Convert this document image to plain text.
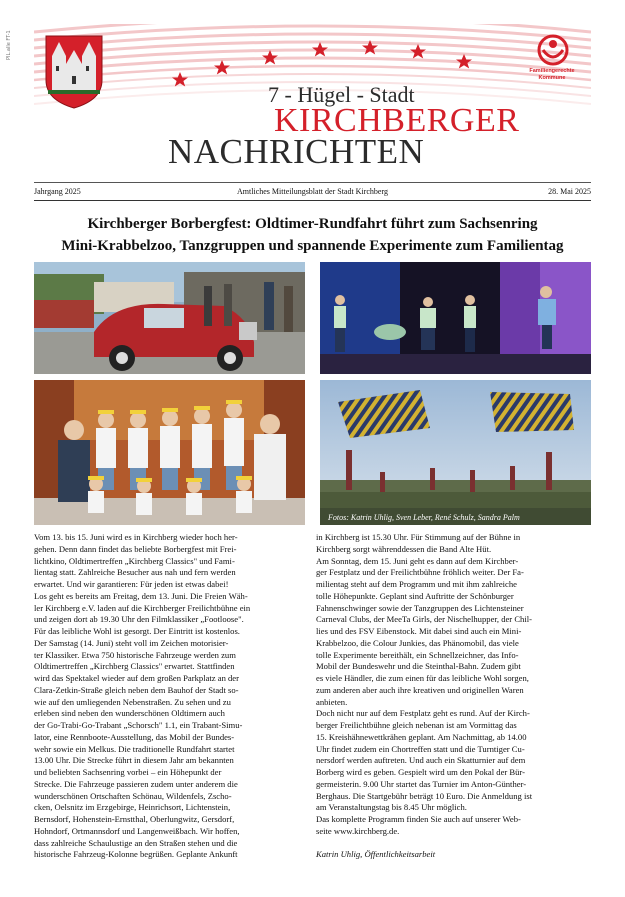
PIL.alle FT-1
7 - Hügel - Stadt
KIRCHBERGER
NACHRICHTEN
Familiengerechte Kommune
Jahrgang 2025	Amtliches Mitteilungsblatt der Stadt Kirchberg	28. Mai 2025
Kirchberger Borbergfest: Oldtimer-Rundfahrt führt zum Sachsenring
Mini-Krabbelzoo, Tanzgruppen und spannende Experimente zum Familientag
Fotos: Katrin Uhlig, Sven Leber, René Schulz, Sandra Palm

Vom 13. bis 15. Juni wird es in Kirchberg wieder hoch her-

gehen. Denn dann findet das beliebte Borbergfest mit Frei-

lichtkino, Oldtimertreffen „Kirchberg Classics" und Fami-

lientag statt. Zahlreiche Besucher aus nah und fern werden

erwartet. Und wir garantieren: Für jeden ist etwas dabei!

Los geht es bereits am Freitag, dem 13. Juni. Die Freien Wäh-

ler Kirchberg e.V. laden auf die Kirchberger Freilichtbühne ein

und zeigen dort ab 19.30 Uhr den Filmklassiker „Footloose".

Für das leibliche Wohl ist gesorgt. Der Eintritt ist kostenlos.

Der Samstag (14. Juni) steht voll im Zeichen motorisier-

ter Klassiker. Etwa 750 historische Fahrzeuge werden zum

Oldtimertreffen „Kirchberg Classics" erwartet. Stattfinden

wird das Spektakel wieder auf dem großen Parkplatz an der

Clara-Zetkin-Straße gleich neben dem Bauhof der Stadt so-

wie auf den umliegenden Nebenstraßen. Zu sehen und zu

erleben sind neben den wunderschönen Oldtimern auch

der Go-Trabi-Go-Trabant „Schorsch" 1.1, ein Trabant-Simu-

lator, eine Rennboote-Ausstellung, das Mobil der Bundes-

wehr sowie ein Melkus. Die traditionelle Rundfahrt startet

13.00 Uhr. Die Strecke führt in diesem Jahr am bekannten

und beliebten Sachsenring vorbei – ein Höhepunkt der

Strecke. Die Fahrzeuge passieren zudem unter anderem die

wunderschönen Ortschaften Schönau, Wildenfels, Zscho-

cken, Oelsnitz im Erzgebirge, Heinrichsort, Lichtenstein,

Bernsdorf, Hohenstein-Ernstthal, Oberlungwitz, Gersdorf,

Hohndorf, Ortmannsdorf und Langenweißbach. Wir hoffen,

dass zahlreiche Schaulustige an den Straßen stehen und die

historische Fahrzeug-Kolonne begrüßen. Geplante Ankunft

in Kirchberg ist 15.30 Uhr. Für Stimmung auf der Bühne in

Kirchberg sorgt währenddessen die Band Alte Hüt.

Am Sonntag, dem 15. Juni geht es dann auf dem Kirchber-

ger Festplatz und der Freilichtbühne fröhlich weiter. Der Fa-

milientag steht auf dem Programm und mit ihm zahlreiche

tolle Höhepunkte. Geplant sind Auftritte der Schönburger

Fahnenschwinger sowie der Tanzgruppen des Lichtensteiner

Carneval Clubs, der MeeTa Girls, der Nischelhupper, der Chil-

lies und des FSV Eibenstock. Mit dabei sind auch ein Mini-

Krabbelzoo, die Colour Junkies, das Phänomobil, das viele

tolle Experimente bereithält, ein Schnellzeichner, das Info-

Mobil der Bundeswehr und die Steinthal-Bahn. Zudem gibt

es viele Händler, die zum einen für das leibliche Wohl sorgen,

zum anderen aber auch ihre kreativen und originellen Waren

anbieten.

Doch nicht nur auf dem Festplatz geht es rund. Auf der Kirch-

berger Freilichtbühne gleich nebenan ist am Vormittag das

15. Kreishähnewettkrähen geplant. Am Nachmittag, ab 14.00

Uhr findet zudem ein Chortreffen statt und die Turntiger Cu-

nersdorf werden auftreten. Und auch ein Skatturnier auf dem

Borberg wird es geben. Gespielt wird um den Pokal der Bür-

germeisterin. 9.00 Uhr startet das Turnier im Anton-Günther-

Berghaus. Die Startgebühr beträgt 10 Euro. Die Anmeldung ist

am Veranstaltungstag bis 8.45 Uhr möglich.

Das komplette Programm finden Sie auch auf unserer Web-

seite www.kirchberg.de.

Katrin Uhlig, Öffentlichkeitsarbeit
